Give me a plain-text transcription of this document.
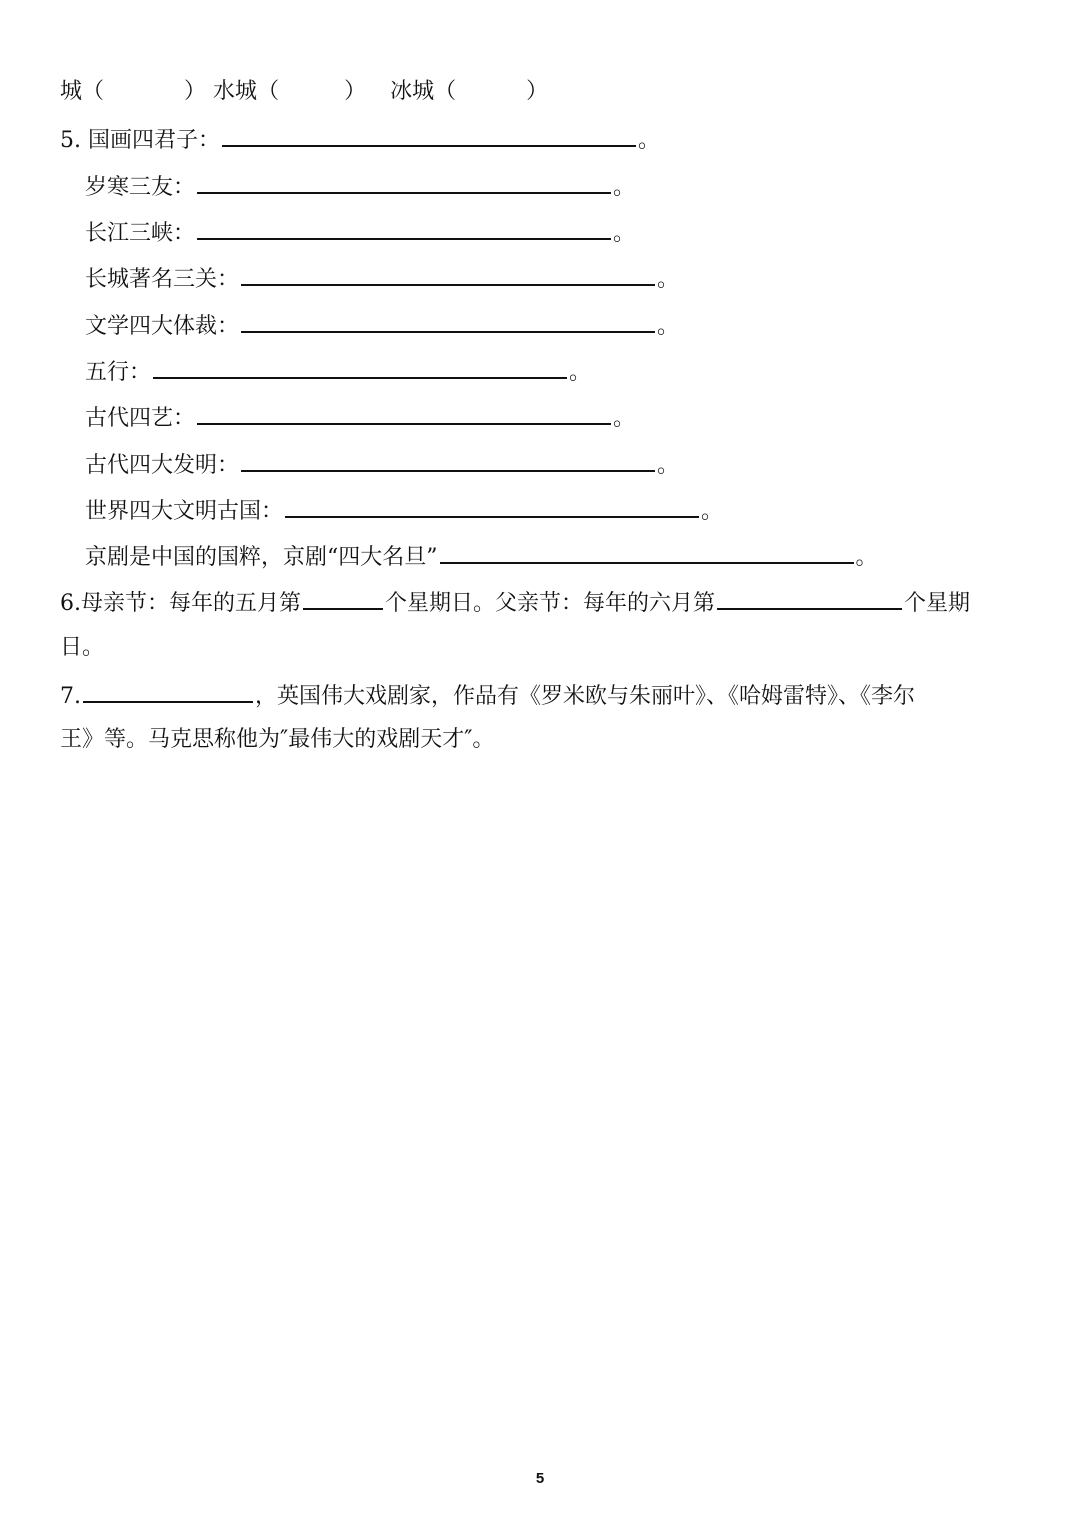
城（	） 水城（	） 冰城（	）
5. 国画四君子：	。
岁寒三友：	。
长江三峡：	。
长城著名三关：	。
文学四大体裁：	。
五行：	。
古代四艺：	。
古代四大发明：	。
世界四大文明古国：	。
京剧是中国的国粹，京剧“四大名旦”	。
6.母亲节：每年的五月第	个星期日。父亲节：每年的六月第	个星期
日。
7.	，英国伟大戏剧家，作品有《罗米欧与朱丽叶》、《哈姆雷特》、《李尔
王》等。马克思称他为″最伟大的戏剧天才″。
5
